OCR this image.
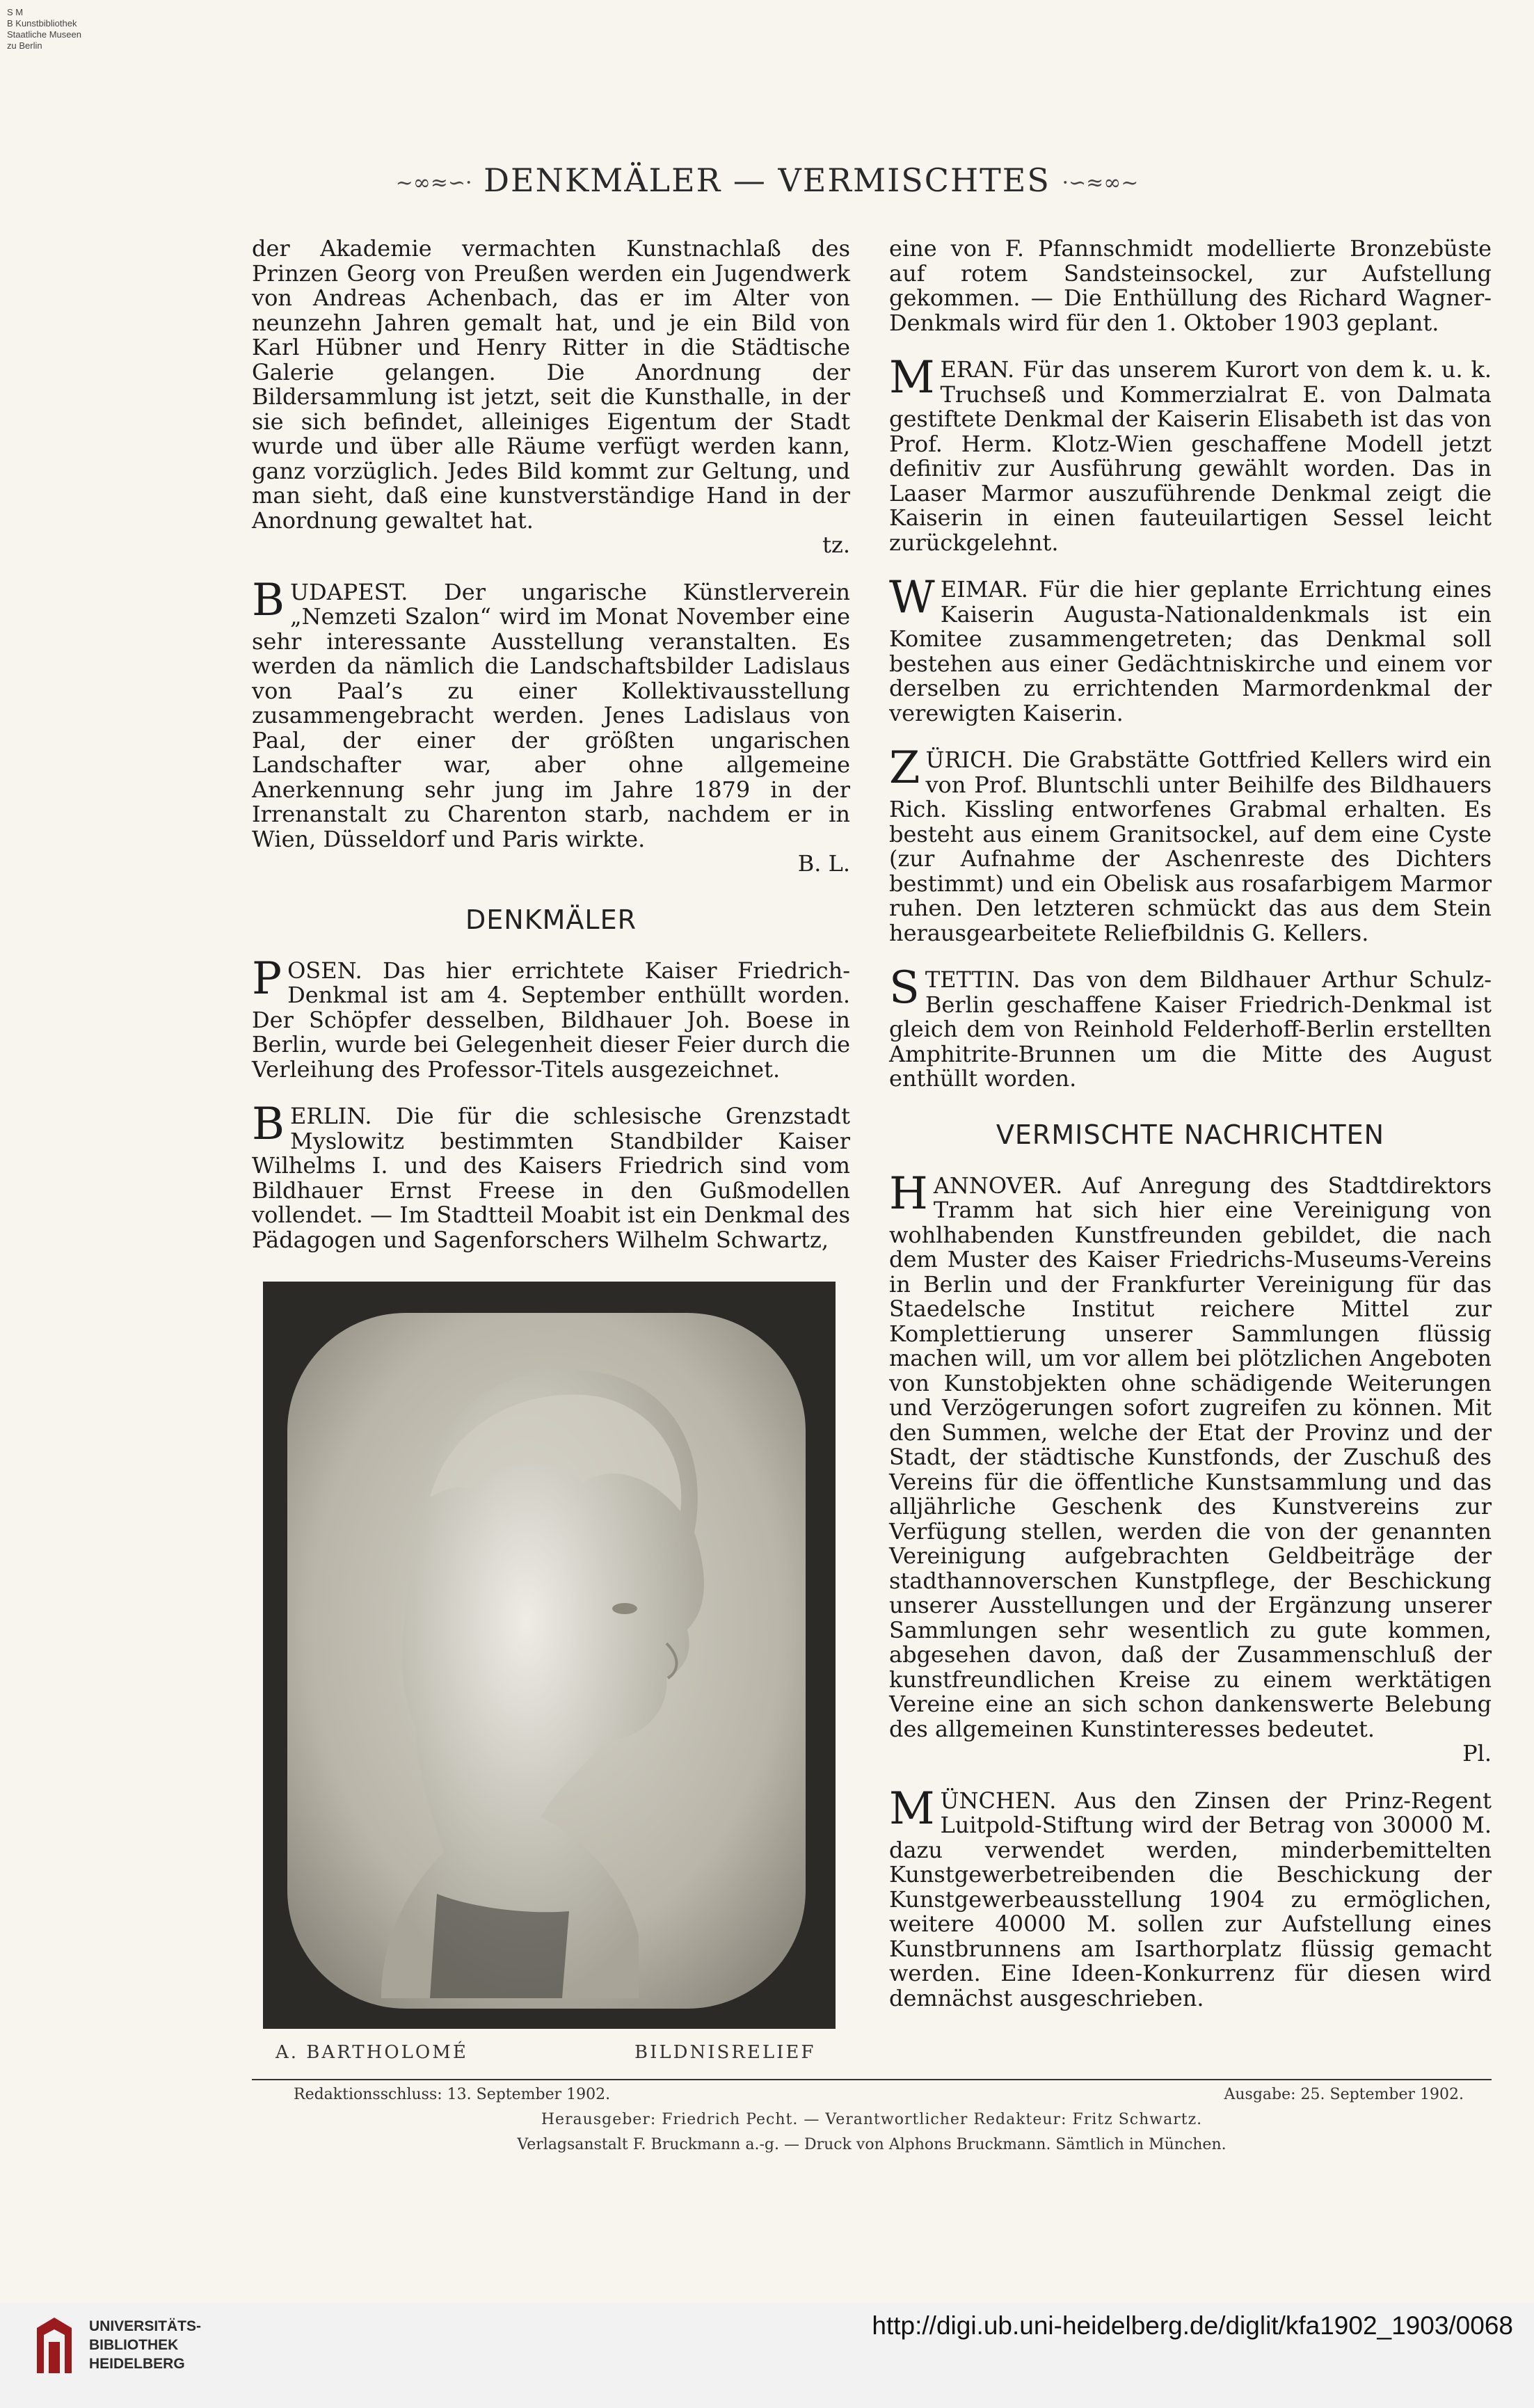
S M
B Kunstbibliothek
Staatliche Museen
zu Berlin
~∞≈∽· DENKMÄLER — VERMISCHTES ·∽≈∞~

der Akademie vermachten Kunstnachlaß des Prinzen Georg von Preußen werden ein Jugendwerk von Andreas Achenbach, das er im Alter von neunzehn Jahren gemalt hat, und je ein Bild von Karl Hübner und Henry Ritter in die Städtische Galerie gelangen. Die Anordnung der Bildersammlung ist jetzt, seit die Kunsthalle, in der sie sich befindet, alleiniges Eigentum der Stadt wurde und über alle Räume verfügt werden kann, ganz vorzüglich. Jedes Bild kommt zur Geltung, und man sieht, daß eine kunstverständige Hand in der Anordnung gewaltet hat.
tz.

B UDAPEST. Der ungarische Künstlerverein „Nemzeti Szalon“ wird im Monat November eine sehr interessante Ausstellung veranstalten. Es werden da nämlich die Landschaftsbilder Ladislaus von Paal’s zu einer Kollektivausstellung zusammengebracht werden. Jenes Ladislaus von Paal, der einer der größten ungarischen Landschafter war, aber ohne allgemeine Anerkennung sehr jung im Jahre 1879 in der Irrenanstalt zu Charenton starb, nachdem er in Wien, Düsseldorf und Paris wirkte.
B. L.

DENKMÄLER

P OSEN. Das hier errichtete Kaiser Friedrich-Denkmal ist am 4. September enthüllt worden. Der Schöpfer desselben, Bildhauer Joh. Boese in Berlin, wurde bei Gelegenheit dieser Feier durch die Verleihung des Professor-Titels ausgezeichnet.

B ERLIN. Die für die schlesische Grenzstadt Myslowitz bestimmten Standbilder Kaiser Wilhelms I. und des Kaisers Friedrich sind vom Bildhauer Ernst Freese in den Gußmodellen vollendet. — Im Stadtteil Moabit ist ein Denkmal des Pädagogen und Sagenforschers Wilhelm Schwartz,

A. BARTHOLOMÉ	BILDNISRELIEF

eine von F. Pfannschmidt modellierte Bronzebüste auf rotem Sandsteinsockel, zur Aufstellung gekommen. — Die Enthüllung des Richard Wagner-Denkmals wird für den 1. Oktober 1903 geplant.

M ERAN. Für das unserem Kurort von dem k. u. k. Truchseß und Kommerzialrat E. von Dalmata gestiftete Denkmal der Kaiserin Elisabeth ist das von Prof. Herm. Klotz-Wien geschaffene Modell jetzt definitiv zur Ausführung gewählt worden. Das in Laaser Marmor auszuführende Denkmal zeigt die Kaiserin in einen fauteuilartigen Sessel leicht zurückgelehnt.

W EIMAR. Für die hier geplante Errichtung eines Kaiserin Augusta-Nationaldenkmals ist ein Komitee zusammengetreten; das Denkmal soll bestehen aus einer Gedächtniskirche und einem vor derselben zu errichtenden Marmordenkmal der verewigten Kaiserin.

Z ÜRICH. Die Grabstätte Gottfried Kellers wird ein von Prof. Bluntschli unter Beihilfe des Bildhauers Rich. Kissling entworfenes Grabmal erhalten. Es besteht aus einem Granitsockel, auf dem eine Cyste (zur Aufnahme der Aschenreste des Dichters bestimmt) und ein Obelisk aus rosafarbigem Marmor ruhen. Den letzteren schmückt das aus dem Stein herausgearbeitete Reliefbildnis G. Kellers.

S TETTIN. Das von dem Bildhauer Arthur Schulz-Berlin geschaffene Kaiser Friedrich-Denkmal ist gleich dem von Reinhold Felderhoff-Berlin erstellten Amphitrite-Brunnen um die Mitte des August enthüllt worden.

VERMISCHTE NACHRICHTEN

H ANNOVER. Auf Anregung des Stadtdirektors Tramm hat sich hier eine Vereinigung von wohlhabenden Kunstfreunden gebildet, die nach dem Muster des Kaiser Friedrichs-Museums-Vereins in Berlin und der Frankfurter Vereinigung für das Staedelsche Institut reichere Mittel zur Komplettierung unserer Sammlungen flüssig machen will, um vor allem bei plötzlichen Angeboten von Kunstobjekten ohne schädigende Weiterungen und Verzögerungen sofort zugreifen zu können. Mit den Summen, welche der Etat der Provinz und der Stadt, der städtische Kunstfonds, der Zuschuß des Vereins für die öffentliche Kunstsammlung und das alljährliche Geschenk des Kunstvereins zur Verfügung stellen, werden die von der genannten Vereinigung aufgebrachten Geldbeiträge der stadthannoverschen Kunstpflege, der Beschickung unserer Ausstellungen und der Ergänzung unserer Sammlungen sehr wesentlich zu gute kommen, abgesehen davon, daß der Zusammenschluß der kunstfreundlichen Kreise zu einem werktätigen Vereine eine an sich schon dankenswerte Belebung des allgemeinen Kunstinteresses bedeutet.
Pl.

M ÜNCHEN. Aus den Zinsen der Prinz-Regent Luitpold-Stiftung wird der Betrag von 30000 M. dazu verwendet werden, minderbemittelten Kunstgewerbetreibenden die Beschickung der Kunstgewerbeausstellung 1904 zu ermöglichen, weitere 40000 M. sollen zur Aufstellung eines Kunstbrunnens am Isarthorplatz flüssig gemacht werden. Eine Ideen-Konkurrenz für diesen wird demnächst ausgeschrieben.

Redaktionsschluss: 13. September 1902.	Ausgabe: 25. September 1902.

Herausgeber: Friedrich Pecht. — Verantwortlicher Redakteur: Fritz Schwartz.
Verlagsanstalt F. Bruckmann a.-g. — Druck von Alphons Bruckmann. Sämtlich in München.
UNIVERSITÄTS-
BIBLIOTHEK
HEIDELBERG
http://digi.ub.uni-heidelberg.de/diglit/kfa1902_1903/0068
